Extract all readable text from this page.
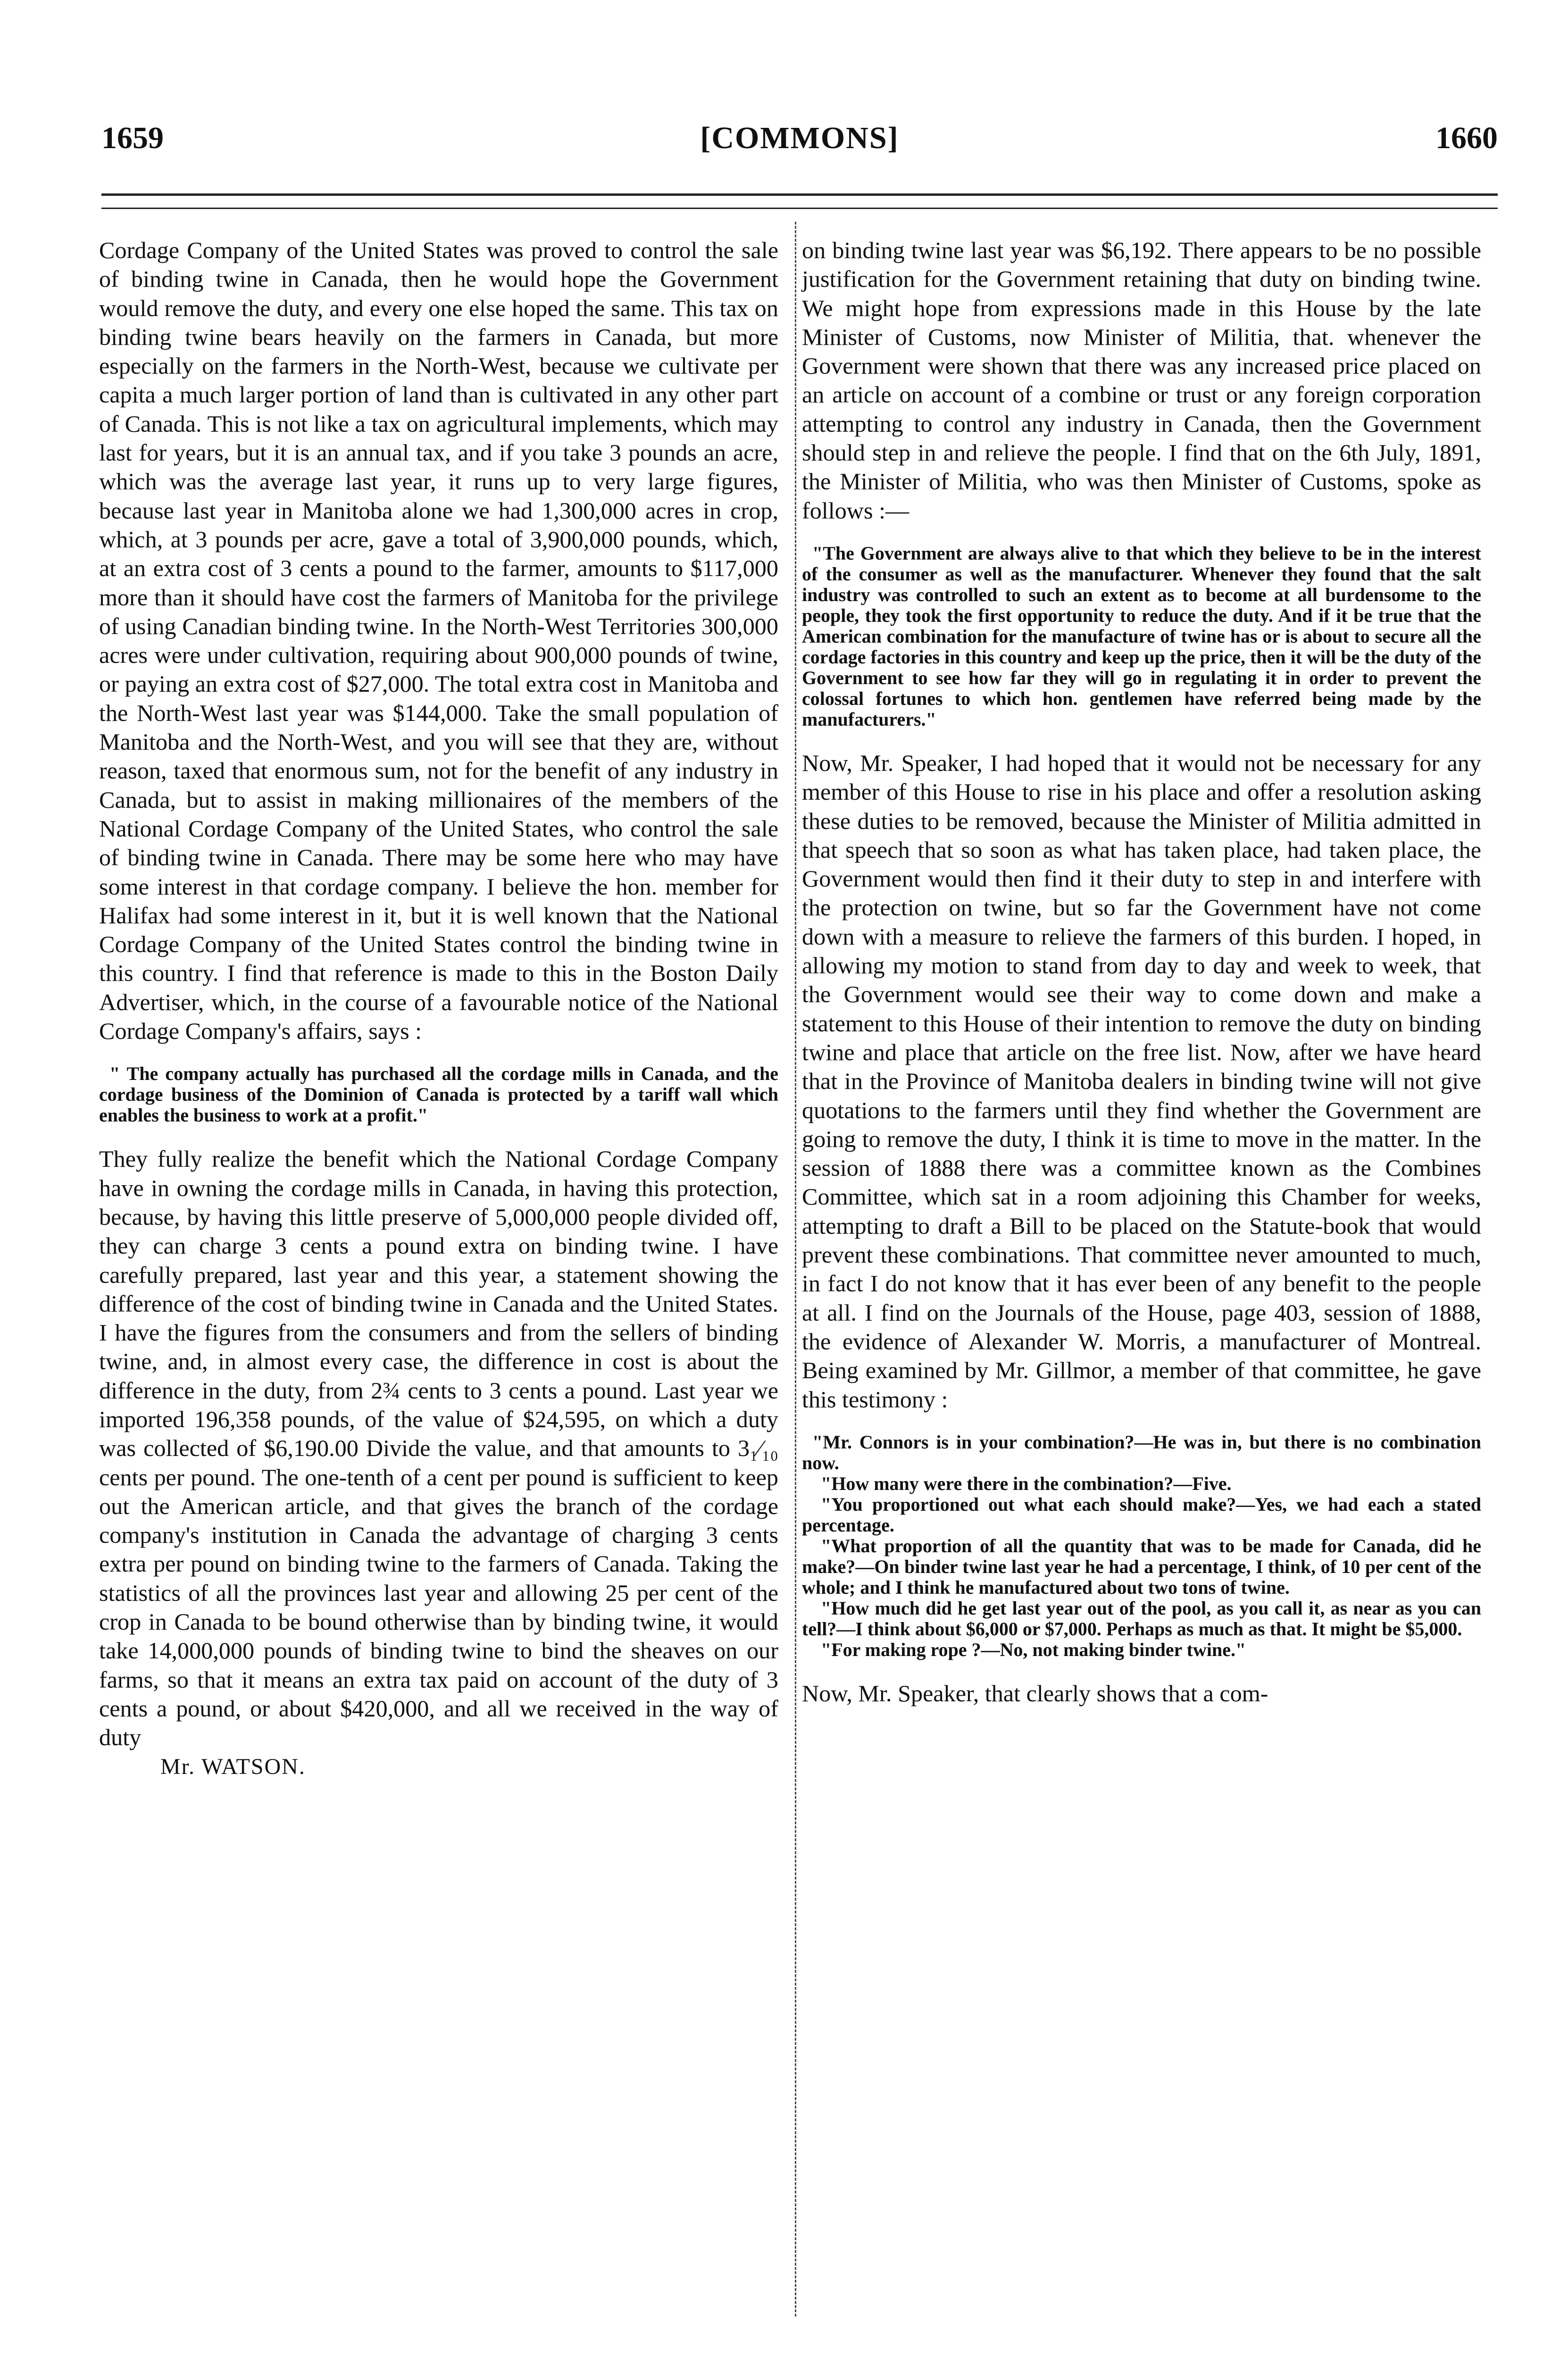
[COMMONS]
1659	1660

Cordage Company of the United States was proved to control the sale of binding twine in Canada, then he would hope the Government would remove the duty, and every one else hoped the same. This tax on binding twine bears heavily on the farmers in Canada, but more especially on the farmers in the North-West, because we cultivate per capita a much larger portion of land than is cultivated in any other part of Canada. This is not like a tax on agricultural implements, which may last for years, but it is an annual tax, and if you take 3 pounds an acre, which was the average last year, it runs up to very large figures, because last year in Manitoba alone we had 1,300,000 acres in crop, which, at 3 pounds per acre, gave a total of 3,900,000 pounds, which, at an extra cost of 3 cents a pound to the farmer, amounts to $117,000 more than it should have cost the farmers of Manitoba for the privilege of using Canadian binding twine. In the North-West Territories 300,000 acres were under cultivation, requiring about 900,000 pounds of twine, or paying an extra cost of $27,000. The total extra cost in Manitoba and the North-West last year was $144,000. Take the small population of Manitoba and the North-West, and you will see that they are, without reason, taxed that enormous sum, not for the benefit of any industry in Canada, but to assist in making millionaires of the members of the National Cordage Company of the United States, who control the sale of binding twine in Canada. There may be some here who may have some interest in that cordage company. I believe the hon. member for Halifax had some interest in it, but it is well known that the National Cordage Company of the United States control the binding twine in this country. I find that reference is made to this in the Boston Daily Advertiser, which, in the course of a favourable notice of the National Cordage Company's affairs, says :

" The company actually has purchased all the cordage mills in Canada, and the cordage business of the Dominion of Canada is protected by a tariff wall which enables the business to work at a profit."

They fully realize the benefit which the National Cordage Company have in owning the cordage mills in Canada, in having this protection, because, by having this little preserve of 5,000,000 people divided off, they can charge 3 cents a pound extra on binding twine. I have carefully prepared, last year and this year, a statement showing the difference of the cost of binding twine in Canada and the United States. I have the figures from the consumers and from the sellers of binding twine, and, in almost every case, the difference in cost is about the difference in the duty, from 2¾ cents to 3 cents a pound. Last year we imported 196,358 pounds, of the value of $24,595, on which a duty was collected of $6,190.00 Divide the value, and that amounts to 3₁⁄₁₀ cents per pound. The one-tenth of a cent per pound is sufficient to keep out the American article, and that gives the branch of the cordage company's institution in Canada the advantage of charging 3 cents extra per pound on binding twine to the farmers of Canada. Taking the statistics of all the provinces last year and allowing 25 per cent of the crop in Canada to be bound otherwise than by binding twine, it would take 14,000,000 pounds of binding twine to bind the sheaves on our farms, so that it means an extra tax paid on account of the duty of 3 cents a pound, or about $420,000, and all we received in the way of duty

Mr. WATSON.

on binding twine last year was $6,192. There appears to be no possible justification for the Government retaining that duty on binding twine. We might hope from expressions made in this House by the late Minister of Customs, now Minister of Militia, that. whenever the Government were shown that there was any increased price placed on an article on account of a combine or trust or any foreign corporation attempting to control any industry in Canada, then the Government should step in and relieve the people. I find that on the 6th July, 1891, the Minister of Militia, who was then Minister of Customs, spoke as follows :—

"The Government are always alive to that which they believe to be in the interest of the consumer as well as the manufacturer. Whenever they found that the salt industry was controlled to such an extent as to become at all burdensome to the people, they took the first opportunity to reduce the duty. And if it be true that the American combination for the manufacture of twine has or is about to secure all the cordage factories in this country and keep up the price, then it will be the duty of the Government to see how far they will go in regulating it in order to prevent the colossal fortunes to which hon. gentlemen have referred being made by the manufacturers."

Now, Mr. Speaker, I had hoped that it would not be necessary for any member of this House to rise in his place and offer a resolution asking these duties to be removed, because the Minister of Militia admitted in that speech that so soon as what has taken place, had taken place, the Government would then find it their duty to step in and interfere with the protection on twine, but so far the Government have not come down with a measure to relieve the farmers of this burden. I hoped, in allowing my motion to stand from day to day and week to week, that the Government would see their way to come down and make a statement to this House of their intention to remove the duty on binding twine and place that article on the free list. Now, after we have heard that in the Province of Manitoba dealers in binding twine will not give quotations to the farmers until they find whether the Government are going to remove the duty, I think it is time to move in the matter. In the session of 1888 there was a committee known as the Combines Committee, which sat in a room adjoining this Chamber for weeks, attempting to draft a Bill to be placed on the Statute-book that would prevent these combinations. That committee never amounted to much, in fact I do not know that it has ever been of any benefit to the people at all. I find on the Journals of the House, page 403, session of 1888, the evidence of Alexander W. Morris, a manufacturer of Montreal. Being examined by Mr. Gillmor, a member of that committee, he gave this testimony :

"Mr. Connors is in your combination?—He was in, but there is no combination now.

"How many were there in the combination?—Five.

"You proportioned out what each should make?—Yes, we had each a stated percentage.

"What proportion of all the quantity that was to be made for Canada, did he make?—On binder twine last year he had a percentage, I think, of 10 per cent of the whole; and I think he manufactured about two tons of twine.

"How much did he get last year out of the pool, as you call it, as near as you can tell?—I think about $6,000 or $7,000. Perhaps as much as that. It might be $5,000.

"For making rope ?—No, not making binder twine."

Now, Mr. Speaker, that clearly shows that a com-
